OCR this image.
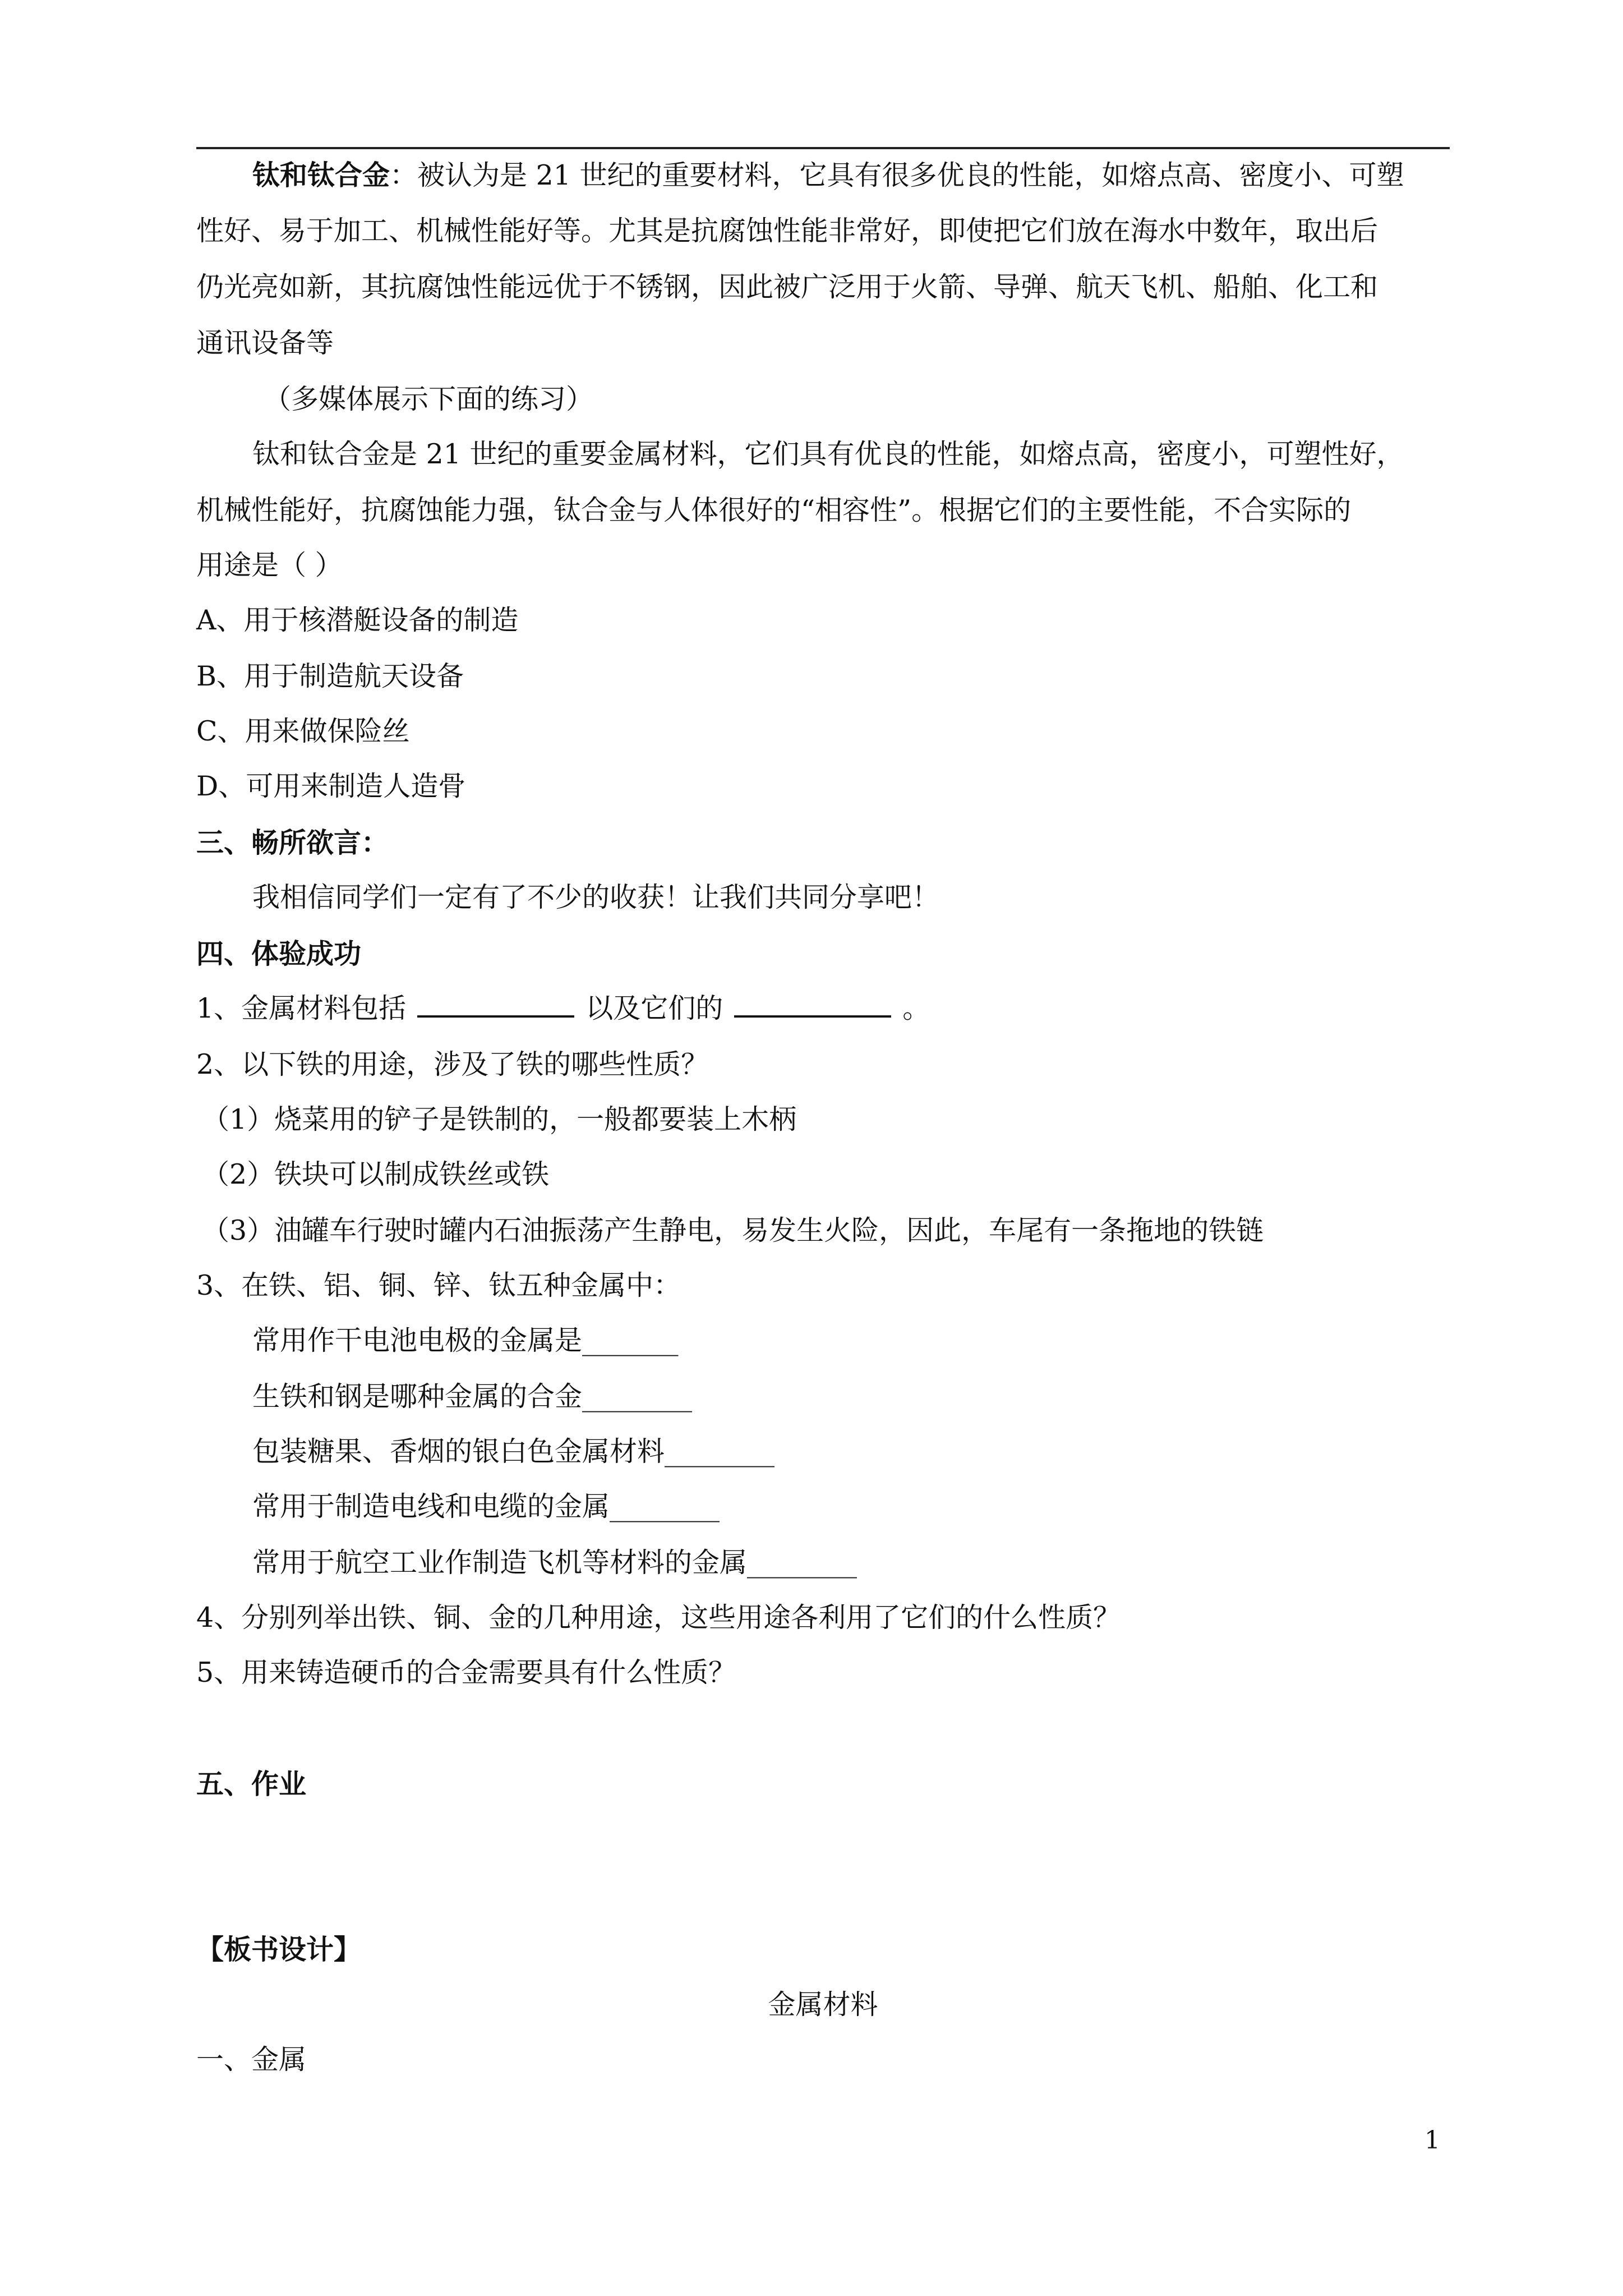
钛和钛合金：被认为是 21 世纪的重要材料，它具有很多优良的性能，如熔点高、密度小、可塑
性好、易于加工、机械性能好等。尤其是抗腐蚀性能非常好，即使把它们放在海水中数年，取出后
仍光亮如新，其抗腐蚀性能远优于不锈钢，因此被广泛用于火箭、导弹、航天飞机、船舶、化工和
通讯设备等
（多媒体展示下面的练习）
钛和钛合金是 21 世纪的重要金属材料，它们具有优良的性能，如熔点高，密度小，可塑性好，
机械性能好，抗腐蚀能力强，钛合金与人体很好的“相容性”。根据它们的主要性能，不合实际的
用途是（ ）
A、用于核潜艇设备的制造
B、用于制造航天设备
C、用来做保险丝
D、可用来制造人造骨
三、畅所欲言：
我相信同学们一定有了不少的收获！让我们共同分享吧！
四、体验成功
1、金属材料包括	以及它们的	。
2、以下铁的用途，涉及了铁的哪些性质？
（1）烧菜用的铲子是铁制的，一般都要装上木柄
（2）铁块可以制成铁丝或铁
（3）油罐车行驶时罐内石油振荡产生静电，易发生火险，因此，车尾有一条拖地的铁链
3、在铁、铝、铜、锌、钛五种金属中：
常用作干电池电极的金属是_______
生铁和钢是哪种金属的合金________
包装糖果、香烟的银白色金属材料________
常用于制造电线和电缆的金属________
常用于航空工业作制造飞机等材料的金属________
4、分别列举出铁、铜、金的几种用途，这些用途各利用了它们的什么性质？
5、用来铸造硬币的合金需要具有什么性质？
五、作业
【板书设计】
金属材料
一、金属
1
